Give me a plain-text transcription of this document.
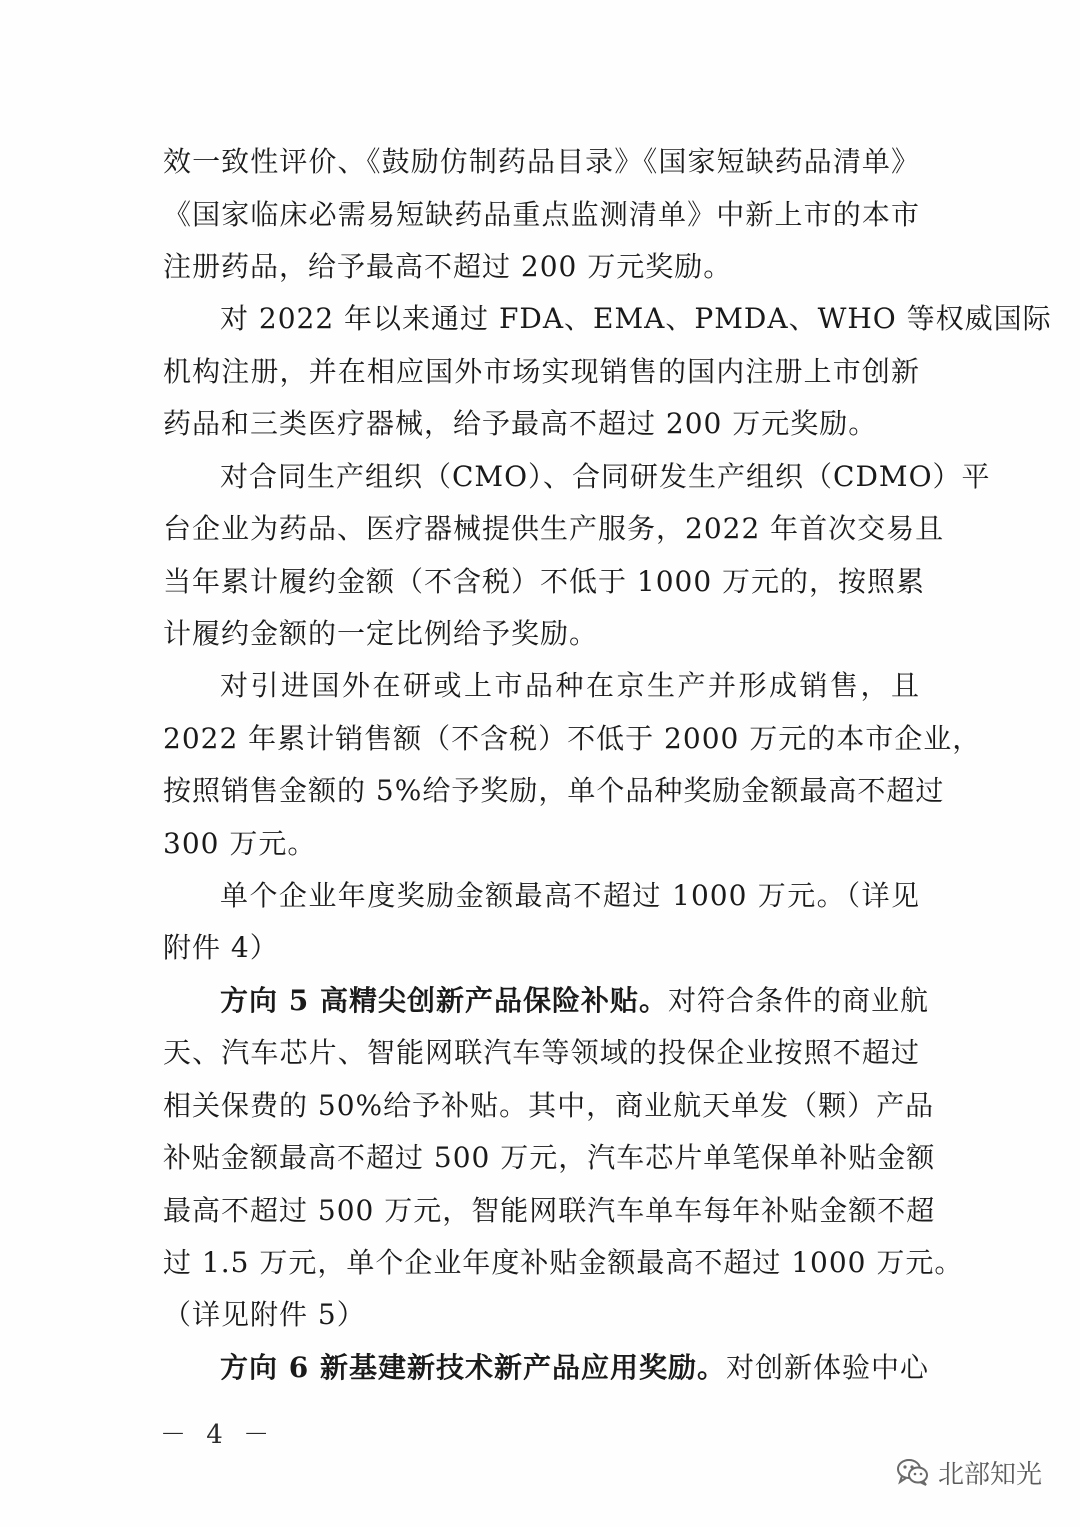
效一致性评价、《鼓励仿制药品目录》《国家短缺药品清单》
《国家临床必需易短缺药品重点监测清单》中新上市的本市
注册药品，给予最高不超过 200 万元奖励。
对 2022 年以来通过 FDA、EMA、PMDA、WHO 等权威国际
机构注册，并在相应国外市场实现销售的国内注册上市创新
药品和三类医疗器械，给予最高不超过 200 万元奖励。
对合同生产组织（CMO）、合同研发生产组织（CDMO）平
台企业为药品、医疗器械提供生产服务，2022 年首次交易且
当年累计履约金额（不含税）不低于 1000 万元的，按照累
计履约金额的一定比例给予奖励。
对引进国外在研或上市品种在京生产并形成销售，且
2022 年累计销售额（不含税）不低于 2000 万元的本市企业，
按照销售金额的 5%给予奖励，单个品种奖励金额最高不超过
300 万元。
单个企业年度奖励金额最高不超过 1000 万元。（详见
附件 4）
方向 5 高精尖创新产品保险补贴。对符合条件的商业航
天、汽车芯片、智能网联汽车等领域的投保企业按照不超过
相关保费的 50%给予补贴。其中，商业航天单发（颗）产品
补贴金额最高不超过 500 万元，汽车芯片单笔保单补贴金额
最高不超过 500 万元，智能网联汽车单车每年补贴金额不超
过 1.5 万元，单个企业年度补贴金额最高不超过 1000 万元。
（详见附件 5）
方向 6 新基建新技术新产品应用奖励。对创新体验中心
－ 4 －
北部知光
